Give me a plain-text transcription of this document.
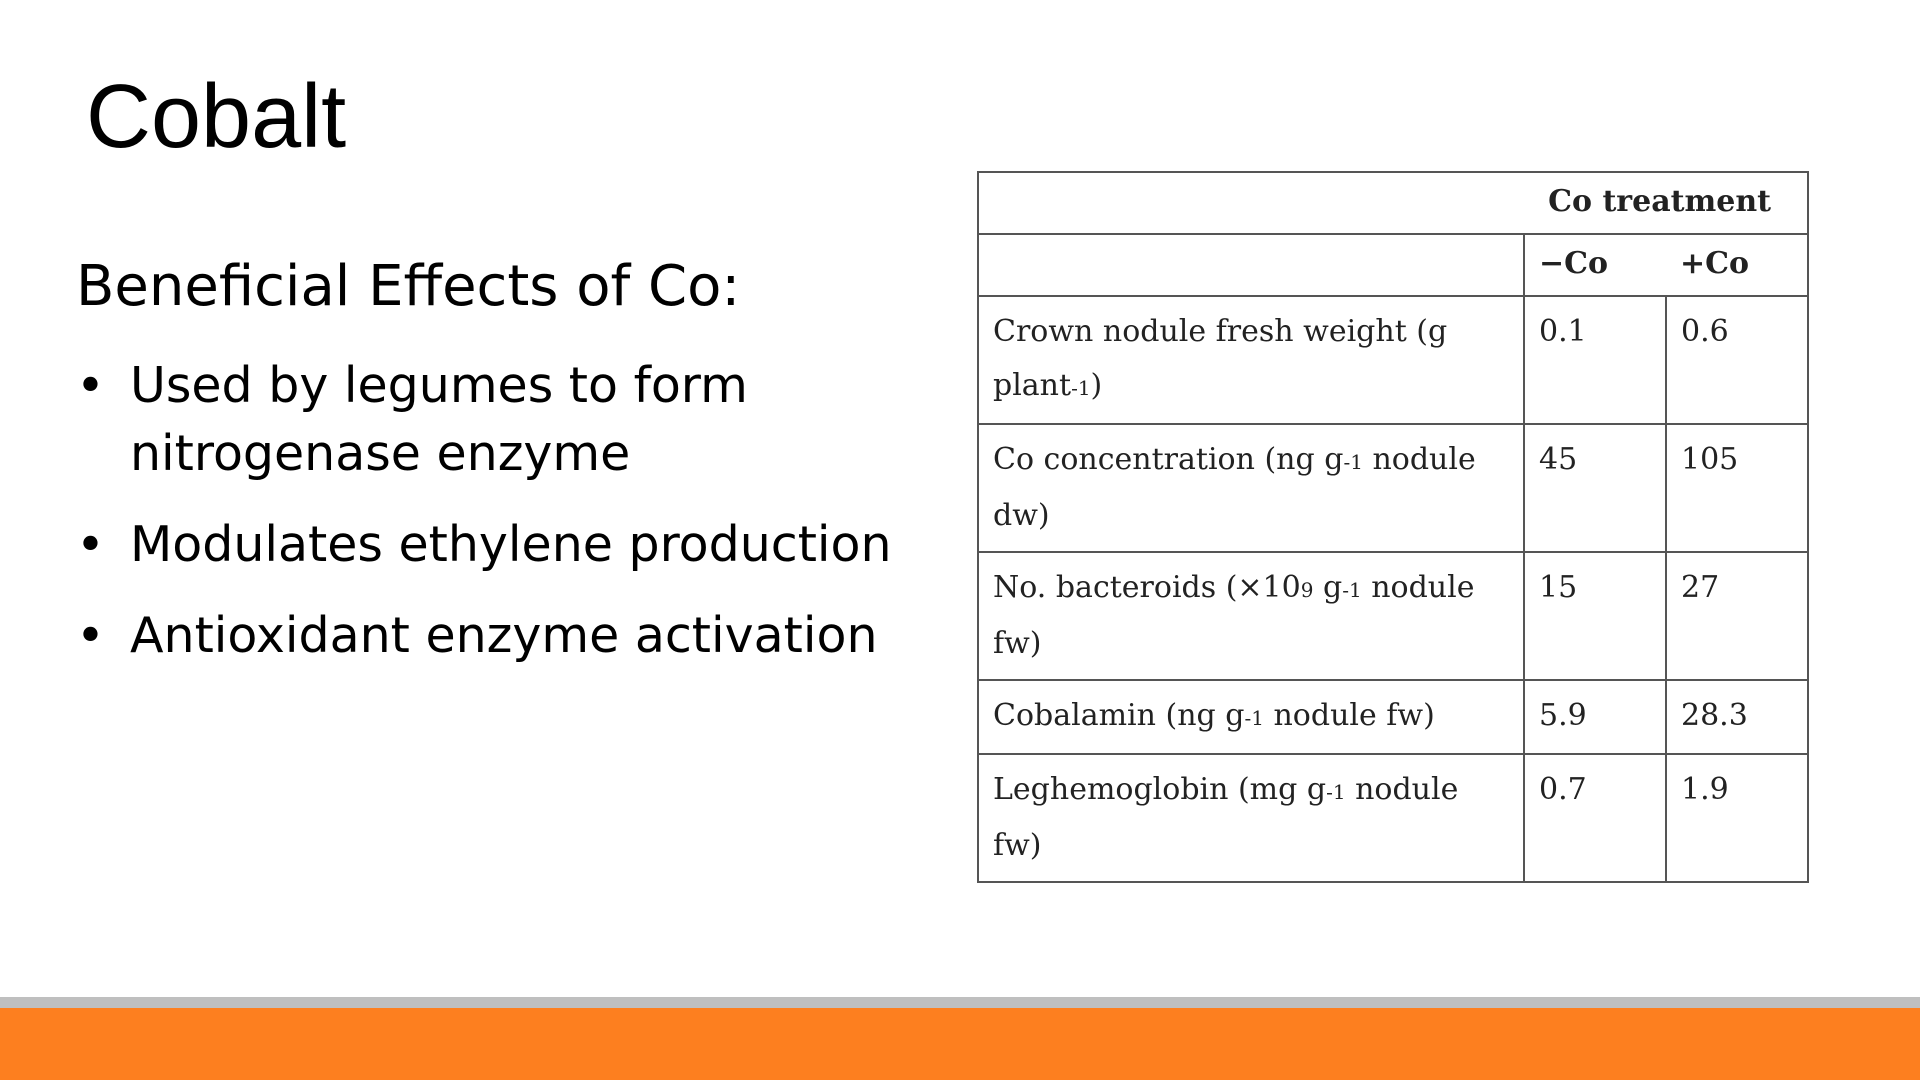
Cobalt

Beneficial Effects of Co:

• Used by legumes to form nitrogenase enzyme
• Modulates ethylene production
• Antioxidant enzyme activation
Co treatment		
	−Co	+Co
Crown nodule fresh weight (g plant-1)	0.1	0.6
Co concentration (ng g-1 nodule dw)	45	105
No. bacteroids (×109 g-1 nodule fw)	15	27
Cobalamin (ng g-1 nodule fw)	5.9	28.3
Leghemoglobin (mg g-1 nodule fw)	0.7	1.9
